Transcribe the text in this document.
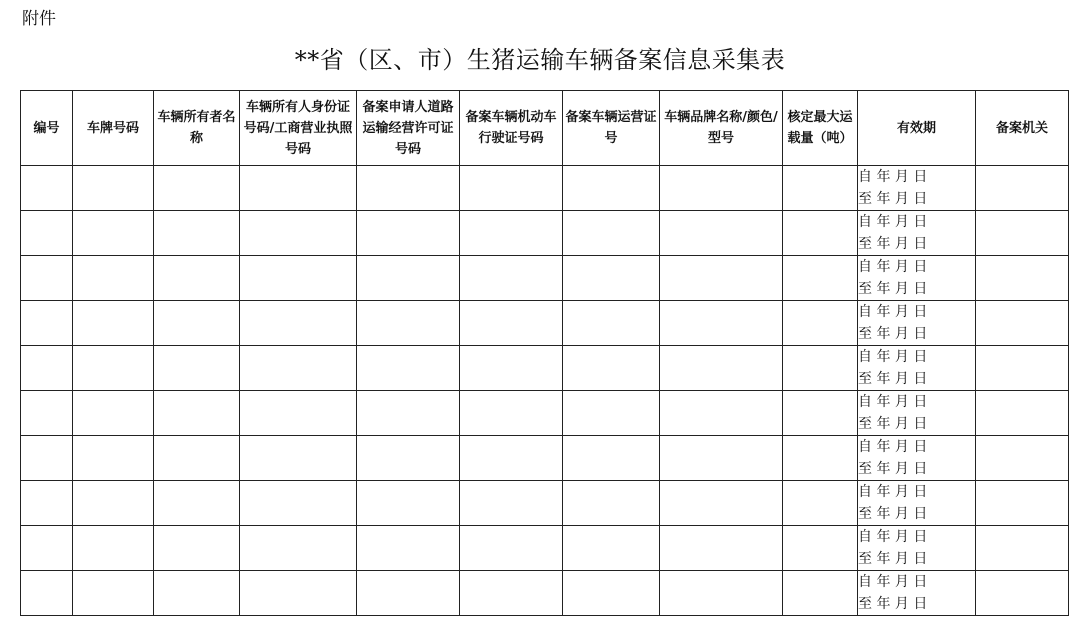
附件
**省（区、市）生猪运输车辆备案信息采集表
编号	车牌号码	车辆所有者名称	车辆所有人身份证号码/工商营业执照号码	备案申请人道路运输经营许可证号码	备案车辆机动车行驶证号码	备案车辆运营证号	车辆品牌名称/颜色/型号	核定最大运载量（吨）	有效期	备案机关

									自 年 月 日
至 年 月 日	

									自 年 月 日
至 年 月 日	

									自 年 月 日
至 年 月 日	

									自 年 月 日
至 年 月 日	

									自 年 月 日
至 年 月 日	

									自 年 月 日
至 年 月 日	

									自 年 月 日
至 年 月 日	

									自 年 月 日
至 年 月 日	

									自 年 月 日
至 年 月 日	

									自 年 月 日
至 年 月 日	
